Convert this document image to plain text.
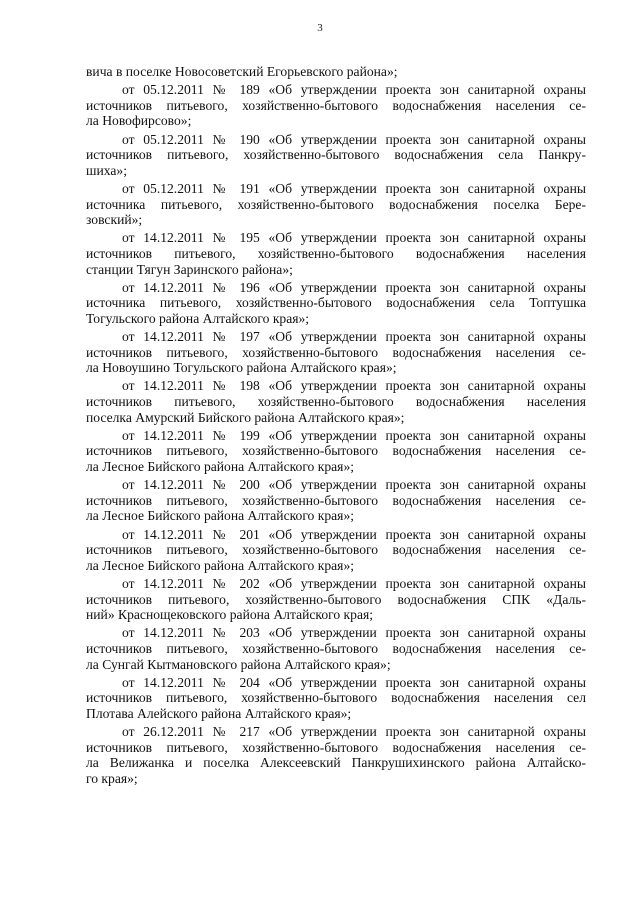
3
вича в поселке Новосоветский Егорьевского района»;
от 05.12.2011 № 189 «Об утверждении проекта зон санитарной охраны
источников питьевого, хозяйственно-бытового водоснабжения населения се-
ла Новофирсово»;
от 05.12.2011 № 190 «Об утверждении проекта зон санитарной охраны
источников питьевого, хозяйственно-бытового водоснабжения села Панкру-
шиха»;
от 05.12.2011 № 191 «Об утверждении проекта зон санитарной охраны
источника питьевого, хозяйственно-бытового водоснабжения поселка Бере-
зовский»;
от 14.12.2011 № 195 «Об утверждении проекта зон санитарной охраны
источников питьевого, хозяйственно-бытового водоснабжения населения
станции Тягун Заринского района»;
от 14.12.2011 № 196 «Об утверждении проекта зон санитарной охраны
источника питьевого, хозяйственно-бытового водоснабжения села Топтушка
Тогульского района Алтайского края»;
от 14.12.2011 № 197 «Об утверждении проекта зон санитарной охраны
источников питьевого, хозяйственно-бытового водоснабжения населения се-
ла Новоушино Тогульского района Алтайского края»;
от 14.12.2011 № 198 «Об утверждении проекта зон санитарной охраны
источников питьевого, хозяйственно-бытового водоснабжения населения
поселка Амурский Бийского района Алтайского края»;
от 14.12.2011 № 199 «Об утверждении проекта зон санитарной охраны
источников питьевого, хозяйственно-бытового водоснабжения населения се-
ла Лесное Бийского района Алтайского края»;
от 14.12.2011 № 200 «Об утверждении проекта зон санитарной охраны
источников питьевого, хозяйственно-бытового водоснабжения населения се-
ла Лесное Бийского района Алтайского края»;
от 14.12.2011 № 201 «Об утверждении проекта зон санитарной охраны
источников питьевого, хозяйственно-бытового водоснабжения населения се-
ла Лесное Бийского района Алтайского края»;
от 14.12.2011 № 202 «Об утверждении проекта зон санитарной охраны
источников питьевого, хозяйственно-бытового водоснабжения СПК «Даль-
ний» Краснощековского района Алтайского края;
от 14.12.2011 № 203 «Об утверждении проекта зон санитарной охраны
источников питьевого, хозяйственно-бытового водоснабжения населения се-
ла Сунгай Кытмановского района Алтайского края»;
от 14.12.2011 № 204 «Об утверждении проекта зон санитарной охраны
источников питьевого, хозяйственно-бытового водоснабжения населения сел
Плотава Алейского района Алтайского края»;
от 26.12.2011 № 217 «Об утверждении проекта зон санитарной охраны
источников питьевого, хозяйственно-бытового водоснабжения населения се-
ла Велижанка и поселка Алексеевский Панкрушихинского района Алтайско-
го края»;
